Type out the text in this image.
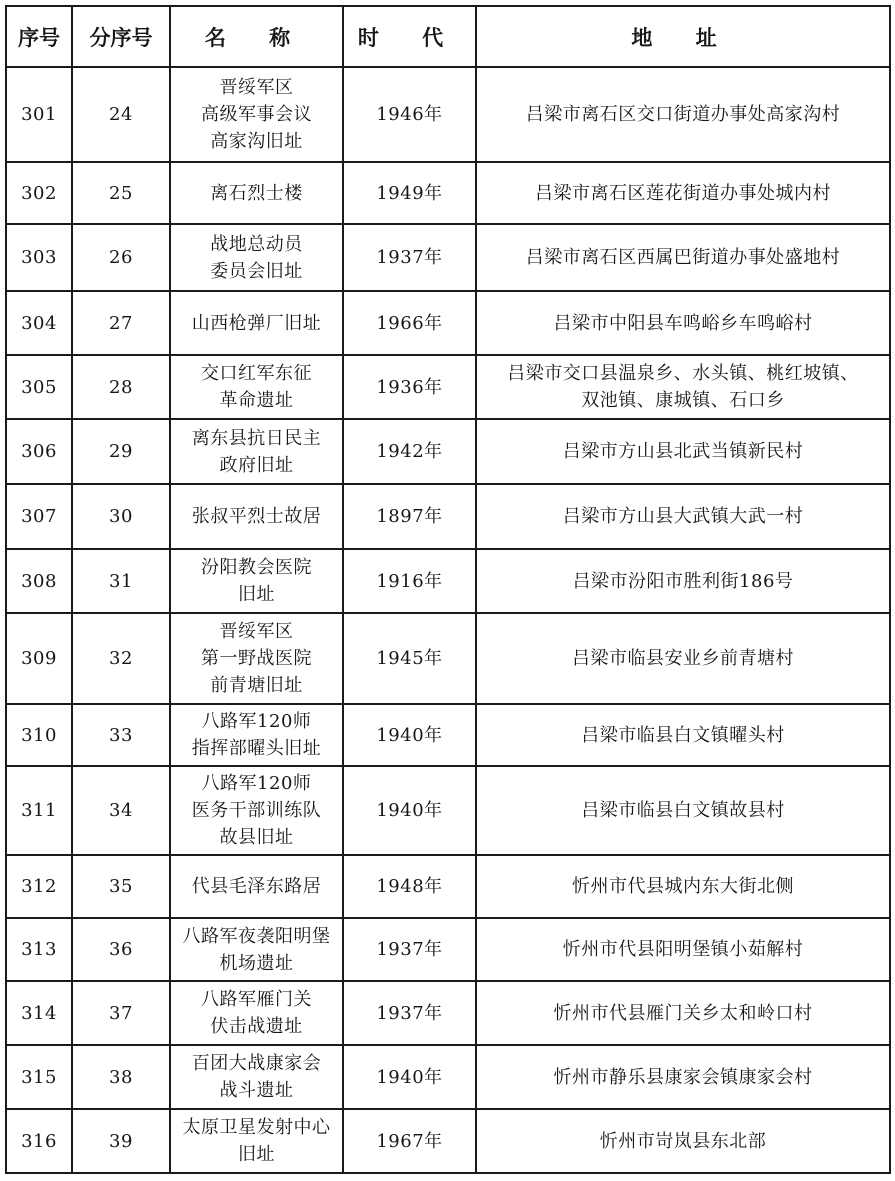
序号	分序号	名 称	时 代	地 址
301	24	晋绥军区
高级军事会议
高家沟旧址	1946年	吕梁市离石区交口街道办事处高家沟村

302	25	离石烈士楼	1949年	吕梁市离石区莲花街道办事处城内村

303	26	战地总动员
委员会旧址	1937年	吕梁市离石区西属巴街道办事处盛地村

304	27	山西枪弹厂旧址	1966年	吕梁市中阳县车鸣峪乡车鸣峪村

305	28	交口红军东征
革命遗址	1936年	吕梁市交口县温泉乡、水头镇、桃红坡镇、
双池镇、康城镇、石口乡

306	29	离东县抗日民主
政府旧址	1942年	吕梁市方山县北武当镇新民村

307	30	张叔平烈士故居	1897年	吕梁市方山县大武镇大武一村

308	31	汾阳教会医院
旧址	1916年	吕梁市汾阳市胜利街186号

309	32	晋绥军区
第一野战医院
前青塘旧址	1945年	吕梁市临县安业乡前青塘村

310	33	八路军120师
指挥部曜头旧址	1940年	吕梁市临县白文镇曜头村

311	34	八路军120师
医务干部训练队
故县旧址	1940年	吕梁市临县白文镇故县村

312	35	代县毛泽东路居	1948年	忻州市代县城内东大街北侧

313	36	八路军夜袭阳明堡
机场遗址	1937年	忻州市代县阳明堡镇小茹解村

314	37	八路军雁门关
伏击战遗址	1937年	忻州市代县雁门关乡太和岭口村

315	38	百团大战康家会
战斗遗址	1940年	忻州市静乐县康家会镇康家会村

316	39	太原卫星发射中心
旧址	1967年	忻州市岢岚县东北部
